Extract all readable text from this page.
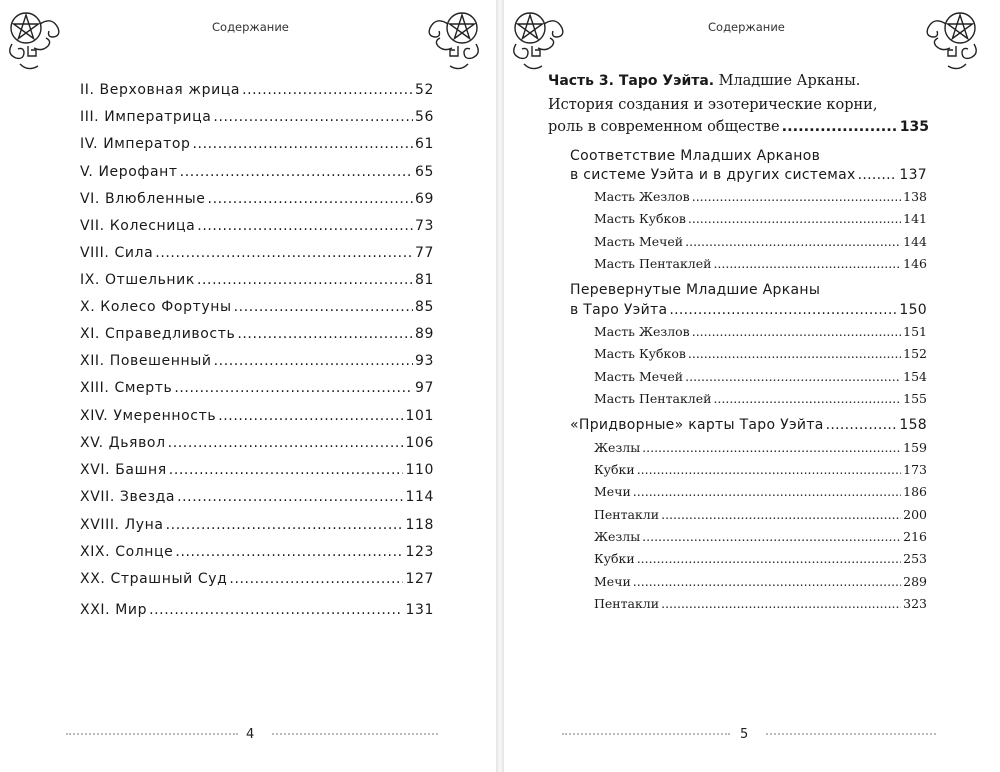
Содержание
4
Содержание
5
II. Верховная жрица .....	52
III. Императрица .....	56
IV. Император .....	61
V. Иерофант .....	65
VI. Влюбленные .....	69
VII. Колесница .....	73
VIII. Сила .....	77
IX. Отшельник .....	81
X. Колесо Фортуны .....	85
XI. Справедливость .....	89
XII. Повешенный .....	93
XIII. Смерть .....	97
XIV. Умеренность .....	101
XV. Дьявол .....	106
XVI. Башня .....	110
XVII. Звезда .....	114
XVIII. Луна .....	118
XIX. Солнце .....	123
XX. Страшный Суд .....	127
XXI. Мир .....	131
Часть 3. Таро Уэйта. Младшие Арканы.
История создания и эзотерические корни,
роль в современном обществе .....	135
Соответствие Младших Арканов
в системе Уэйта и в других системах .....	137
Масть Жезлов .....	138
Масть Кубков .....	141
Масть Мечей .....	144
Масть Пентаклей .....	146
Перевернутые Младшие Арканы
в Таро Уэйта .....	150
Масть Жезлов .....	151
Масть Кубков .....	152
Масть Мечей .....	154
Масть Пентаклей .....	155
«Придворные» карты Таро Уэйта .....	158
Жезлы .....	159
Кубки .....	173
Мечи .....	186
Пентакли .....	200
Жезлы .....	216
Кубки .....	253
Мечи .....	289
Пентакли .....	323
